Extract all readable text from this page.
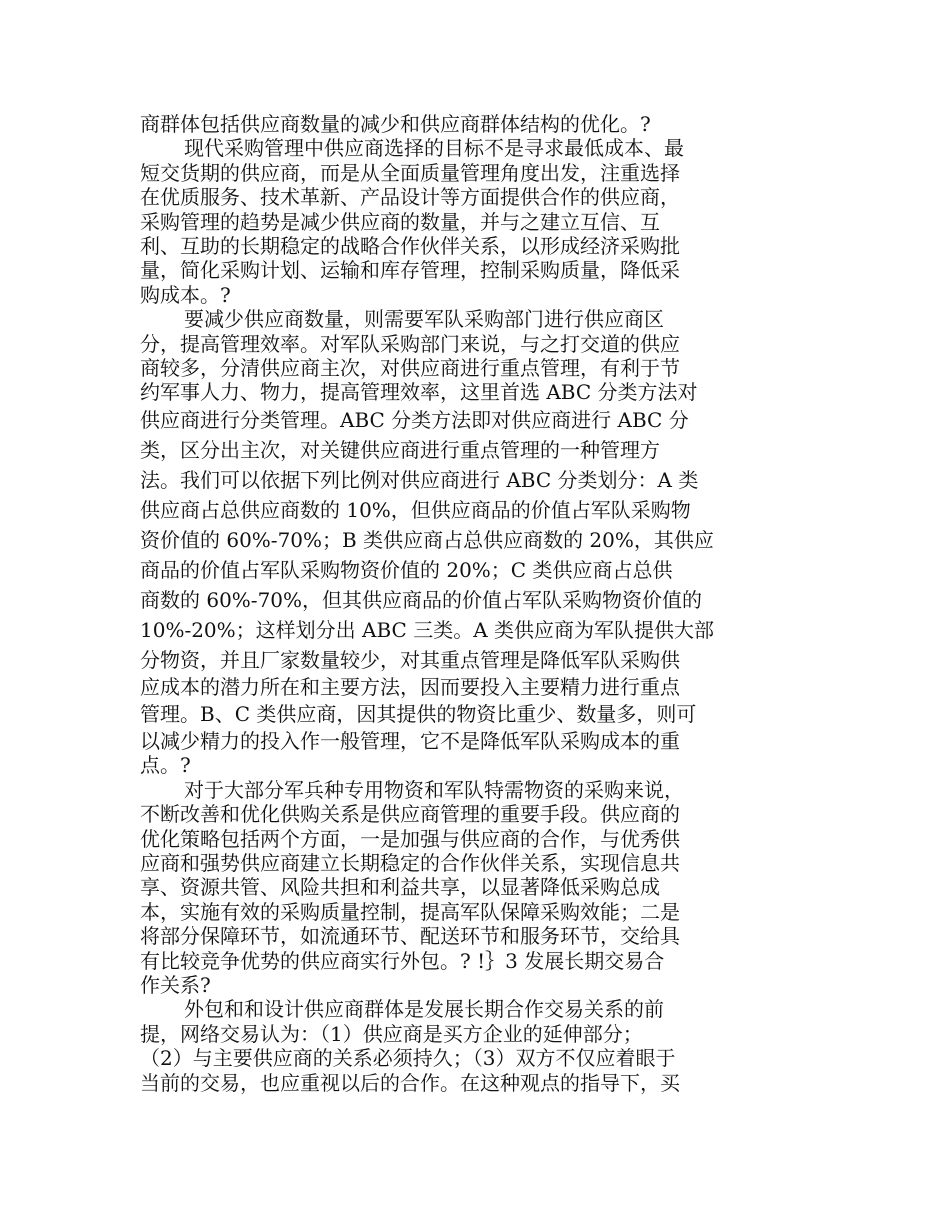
商群体包括供应商数量的减少和供应商群体结构的优化。?
现代采购管理中供应商选择的目标不是寻求最低成本、最
短交货期的供应商，而是从全面质量管理角度出发，注重选择
在优质服务、技术革新、产品设计等方面提供合作的供应商，
采购管理的趋势是减少供应商的数量，并与之建立互信、互
利、互助的长期稳定的战略合作伙伴关系，以形成经济采购批
量，简化采购计划、运输和库存管理，控制采购质量，降低采
购成本。?
要减少供应商数量，则需要军队采购部门进行供应商区
分，提高管理效率。对军队采购部门来说，与之打交道的供应
商较多，分清供应商主次，对供应商进行重点管理，有利于节
约军事人力、物力，提高管理效率，这里首选 ABC 分类方法对
供应商进行分类管理。ABC 分类方法即对供应商进行 ABC 分
类，区分出主次，对关键供应商进行重点管理的一种管理方
法。我们可以依据下列比例对供应商进行 ABC 分类划分：A 类
供应商占总供应商数的 10%，但供应商品的价值占军队采购物
资价值的 60%-70%；B 类供应商占总供应商数的 20%，其供应
商品的价值占军队采购物资价值的 20%；C 类供应商占总供
商数的 60%-70%，但其供应商品的价值占军队采购物资价值的
10%-20%；这样划分出 ABC 三类。A 类供应商为军队提供大部
分物资，并且厂家数量较少，对其重点管理是降低军队采购供
应成本的潜力所在和主要方法，因而要投入主要精力进行重点
管理。B、C 类供应商，因其提供的物资比重少、数量多，则可
以减少精力的投入作一般管理，它不是降低军队采购成本的重
点。?
对于大部分军兵种专用物资和军队特需物资的采购来说，
不断改善和优化供购关系是供应商管理的重要手段。供应商的
优化策略包括两个方面，一是加强与供应商的合作，与优秀供
应商和强势供应商建立长期稳定的合作伙伴关系，实现信息共
享、资源共管、风险共担和利益共享，以显著降低采购总成
本，实施有效的采购质量控制，提高军队保障采购效能；二是
将部分保障环节，如流通环节、配送环节和服务环节，交给具
有比较竞争优势的供应商实行外包。? !｝3 发展长期交易合
作关系?
外包和和设计供应商群体是发展长期合作交易关系的前
提，网络交易认为：（1）供应商是买方企业的延伸部分；
（2）与主要供应商的关系必须持久；（3）双方不仅应着眼于
当前的交易，也应重视以后的合作。在这种观点的指导下，买
